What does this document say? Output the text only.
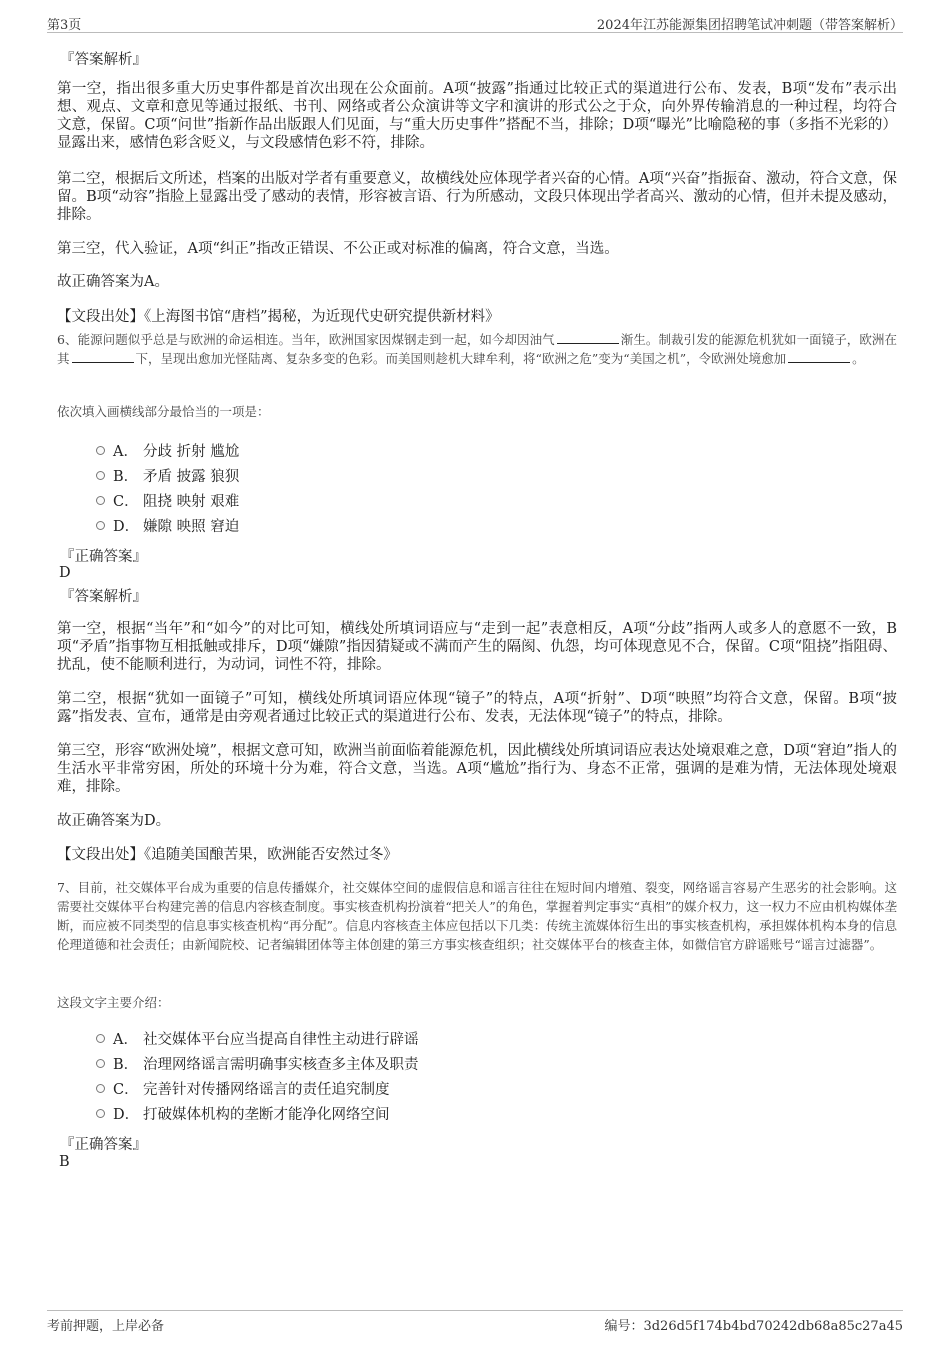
第3页	2024年江苏能源集团招聘笔试冲刺题（带答案解析）
『答案解析』
第一空，指出很多重大历史事件都是首次出现在公众面前。A项“披露”指通过比较正式的渠道进行公布、发表，B项“发布”表示出想、观点、文章和意见等通过报纸、书刊、网络或者公众演讲等文字和演讲的形式公之于众，向外界传输消息的一种过程，均符合文意，保留。C项“问世”指新作品出版跟人们见面，与“重大历史事件”搭配不当，排除；D项“曝光”比喻隐秘的事（多指不光彩的）显露出来，感情色彩含贬义，与文段感情色彩不符，排除。
第二空，根据后文所述，档案的出版对学者有重要意义，故横线处应体现学者兴奋的心情。A项“兴奋”指振奋、激动，符合文意，保留。B项“动容”指脸上显露出受了感动的表情，形容被言语、行为所感动，文段只体现出学者高兴、激动的心情，但并未提及感动，排除。
第三空，代入验证，A项“纠正”指改正错误、不公正或对标准的偏离，符合文意，当选。
故正确答案为A。
【文段出处】《上海图书馆“唐档”揭秘，为近现代史研究提供新材料》
6、能源问题似乎总是与欧洲的命运相连。当年，欧洲国家因煤钢走到一起，如今却因油气	渐生。制裁引发的能源危机犹如一面镜子，欧洲在其	下，呈现出愈加光怪陆离、复杂多变的色彩。而美国则趁机大肆牟利，将“欧洲之危”变为“美国之机”，令欧洲处境愈加	。
依次填入画横线部分最恰当的一项是：
A． 分歧 折射 尴尬
B． 矛盾 披露 狼狈
C． 阻挠 映射 艰难
D． 嫌隙 映照 窘迫
『正确答案』
D
『答案解析』
第一空，根据“当年”和“如今”的对比可知，横线处所填词语应与“走到一起”表意相反，A项“分歧”指两人或多人的意愿不一致，B项“矛盾”指事物互相抵触或排斥，D项“嫌隙”指因猜疑或不满而产生的隔阂、仇怨，均可体现意见不合，保留。C项“阻挠”指阻碍、扰乱，使不能顺利进行，为动词，词性不符，排除。
第二空，根据“犹如一面镜子”可知，横线处所填词语应体现“镜子”的特点，A项“折射”、D项“映照”均符合文意，保留。B项“披露”指发表、宣布，通常是由旁观者通过比较正式的渠道进行公布、发表，无法体现“镜子”的特点，排除。
第三空，形容“欧洲处境”，根据文意可知，欧洲当前面临着能源危机，因此横线处所填词语应表达处境艰难之意，D项“窘迫”指人的生活水平非常穷困，所处的环境十分为难，符合文意，当选。A项“尴尬”指行为、身态不正常，强调的是难为情，无法体现处境艰难，排除。
故正确答案为D。
【文段出处】《追随美国酿苦果，欧洲能否安然过冬》
7、目前，社交媒体平台成为重要的信息传播媒介，社交媒体空间的虚假信息和谣言往往在短时间内增殖、裂变，网络谣言容易产生恶劣的社会影响。这需要社交媒体平台构建完善的信息内容核查制度。事实核查机构扮演着“把关人”的角色，掌握着判定事实“真相”的媒介权力，这一权力不应由机构媒体垄断，而应被不同类型的信息事实核查机构“再分配”。信息内容核查主体应包括以下几类：传统主流媒体衍生出的事实核查机构，承担媒体机构本身的信息伦理道德和社会责任；由新闻院校、记者编辑团体等主体创建的第三方事实核查组织；社交媒体平台的核查主体，如微信官方辟谣账号“谣言过滤器”。
这段文字主要介绍：
A． 社交媒体平台应当提高自律性主动进行辟谣
B． 治理网络谣言需明确事实核查多主体及职责
C． 完善针对传播网络谣言的责任追究制度
D． 打破媒体机构的垄断才能净化网络空间
『正确答案』
B
考前押题，上岸必备	编号：3d26d5f174b4bd70242db68a85c27a45
